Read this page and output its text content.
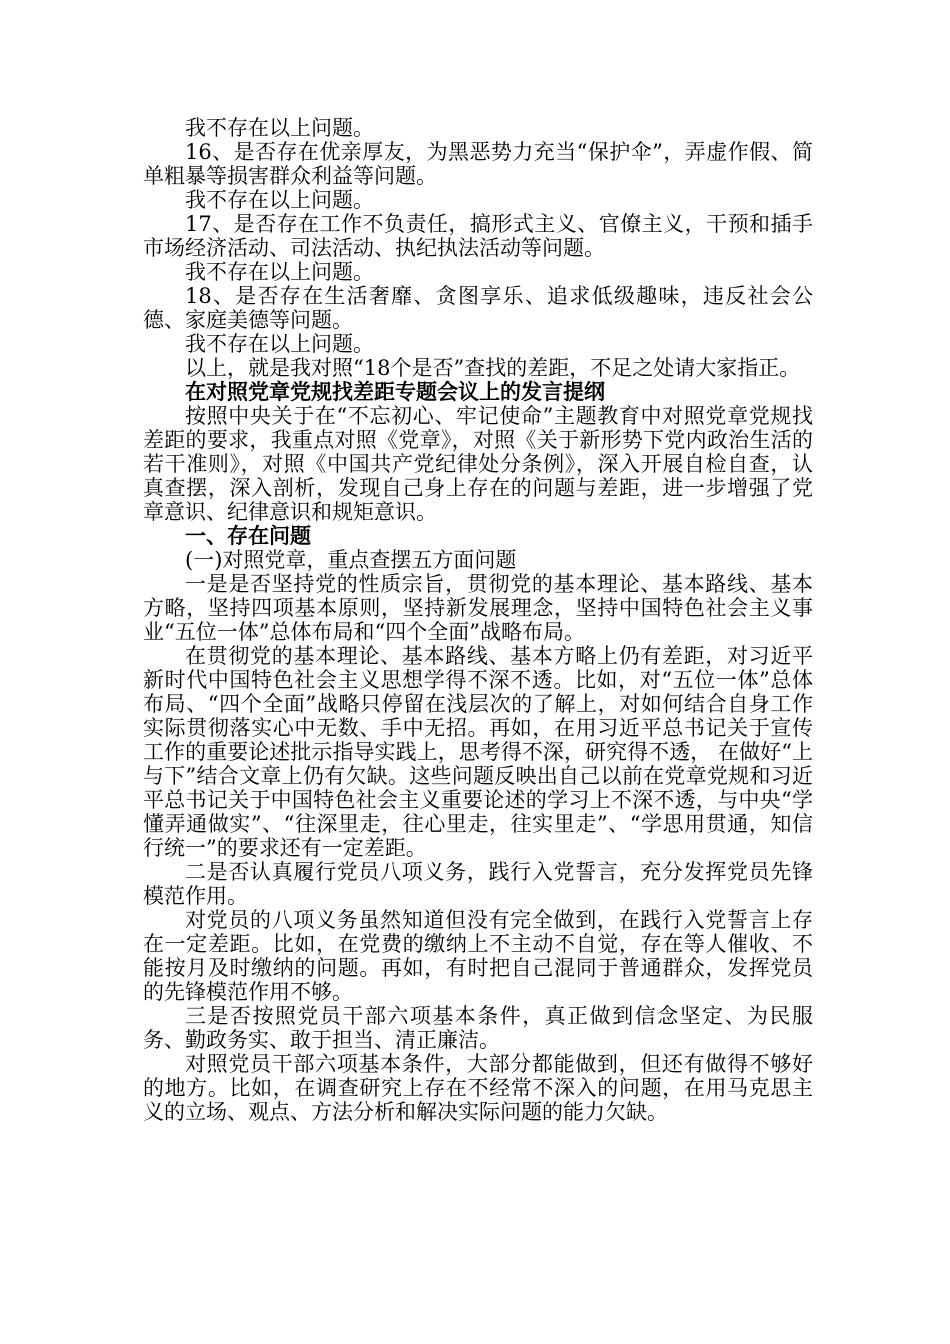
我不存在以上问题。

16、是否存在优亲厚友，为黑恶势力充当“保护伞”，弄虚作假、简单粗暴等损害群众利益等问题。

我不存在以上问题。

17、是否存在工作不负责任，搞形式主义、官僚主义，干预和插手市场经济活动、司法活动、执纪执法活动等问题。

我不存在以上问题。

18、是否存在生活奢靡、贪图享乐、追求低级趣味，违反社会公德、家庭美德等问题。

我不存在以上问题。

以上，就是我对照“18个是否”查找的差距，不足之处请大家指正。

在对照党章党规找差距专题会议上的发言提纲

按照中央关于在“不忘初心、牢记使命”主题教育中对照党章党规找差距的要求，我重点对照《党章》，对照《关于新形势下党内政治生活的若干准则》，对照《中国共产党纪律处分条例》，深入开展自检自查，认真查摆，深入剖析，发现自己身上存在的问题与差距，进一步增强了党章意识、纪律意识和规矩意识。

一、存在问题

(一)对照党章，重点查摆五方面问题

一是是否坚持党的性质宗旨，贯彻党的基本理论、基本路线、基本方略，坚持四项基本原则，坚持新发展理念，坚持中国特色社会主义事业“五位一体”总体布局和“四个全面”战略布局。

在贯彻党的基本理论、基本路线、基本方略上仍有差距，对习近平新时代中国特色社会主义思想学得不深不透。比如，对“五位一体”总体布局、“四个全面”战略只停留在浅层次的了解上，对如何结合自身工作实际贯彻落实心中无数、手中无招。再如，在用习近平总书记关于宣传工作的重要论述批示指导实践上，思考得不深，研究得不透， 在做好“上与下”结合文章上仍有欠缺。这些问题反映出自己以前在党章党规和习近平总书记关于中国特色社会主义重要论述的学习上不深不透，与中央“学懂弄通做实”、“往深里走，往心里走，往实里走”、“学思用贯通，知信行统一”的要求还有一定差距。

二是否认真履行党员八项义务，践行入党誓言，充分发挥党员先锋模范作用。

对党员的八项义务虽然知道但没有完全做到，在践行入党誓言上存在一定差距。比如，在党费的缴纳上不主动不自觉，存在等人催收、不能按月及时缴纳的问题。再如，有时把自己混同于普通群众，发挥党员的先锋模范作用不够。

三是否按照党员干部六项基本条件，真正做到信念坚定、为民服务、勤政务实、敢于担当、清正廉洁。

对照党员干部六项基本条件，大部分都能做到，但还有做得不够好的地方。比如，在调查研究上存在不经常不深入的问题，在用马克思主义的立场、观点、方法分析和解决实际问题的能力欠缺。
